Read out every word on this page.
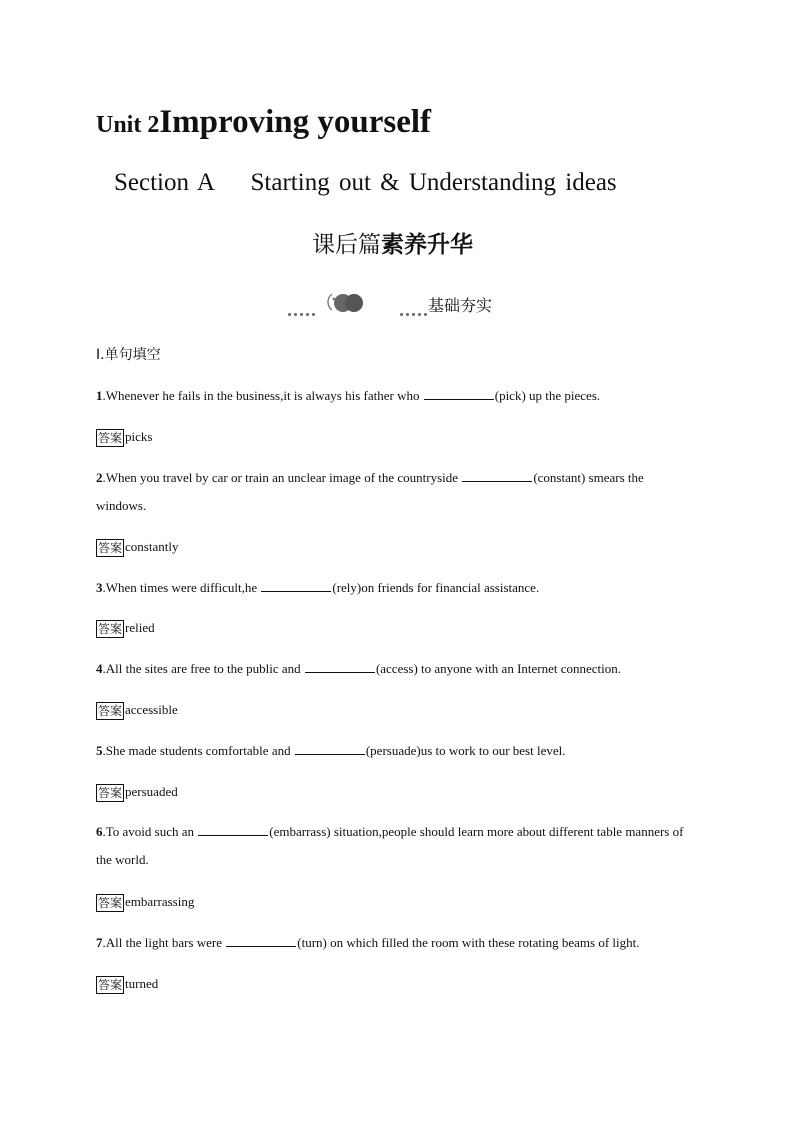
Unit 2Improving yourself
Section A    Starting out & Understanding ideas
课后篇素养升华
基础夯实
Ⅰ.单句填空
1.Whenever he fails in the business,it is always his father who	(pick) up the pieces.
答案 picks
2.When you travel by car or train an unclear image of the countryside	(constant) smears the windows.
答案 constantly
3.When times were difficult,he	(rely)on friends for financial assistance.
答案 relied
4.All the sites are free to the public and	(access) to anyone with an Internet connection.
答案 accessible
5.She made students comfortable and	(persuade)us to work to our best level.
答案 persuaded
6.To avoid such an	(embarrass) situation,people should learn more about different table manners of the world.
答案 embarrassing
7.All the light bars were	(turn) on which filled the room with these rotating beams of light.
答案 turned
